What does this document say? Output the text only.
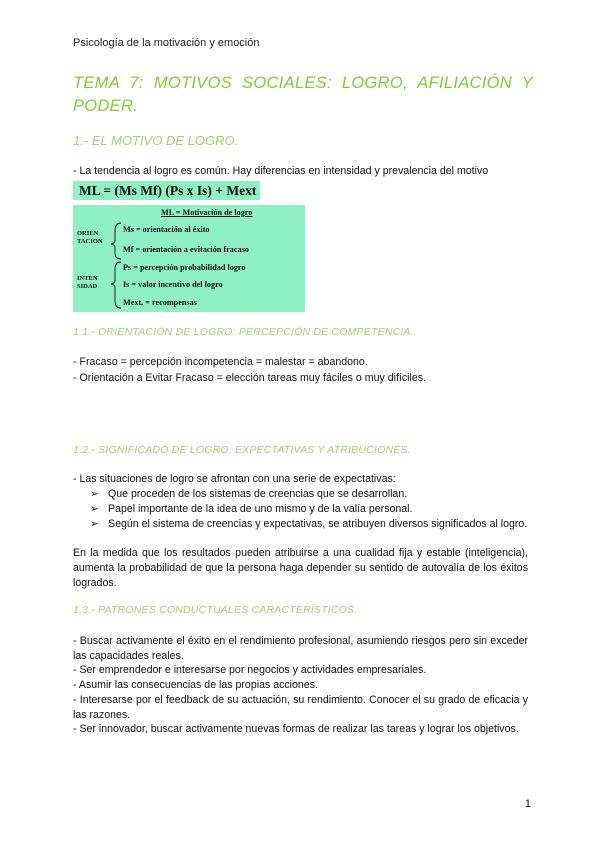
Psicología de la motivación y emoción
TEMA 7: MOTIVOS SOCIALES: LOGRO, AFILIACIÓN Y PODER.
1.- EL MOTIVO DE LOGRO.
- La tendencia al logro es común. Hay diferencias en intensidad y prevalencia del motivo
ML = (Ms Mf) (Ps x Is) + Mext
ML = Motivación de logro
ORIEN
TACION
INTEN
SIDAD
Ms = orientación al éxito
Mf = orientación a evitación fracaso
Ps = percepción probabilidad logro
Is = valor incentivo del logro
Mext. = recompensas
1.1.- ORIENTACIÓN DE LOGRO: PERCEPCIÓN DE COMPETENCIA.
- Fracaso = percepción incompetencia = malestar = abandono.
- Orientación a Evitar Fracaso = elección tareas muy fáciles o muy difíciles.
1.2.- SIGNIFICADO DE LOGRO: EXPECTATIVAS Y ATRIBUCIONES.
- Las situaciones de logro se afrontan con una serie de expectativas:
➢ Que proceden de los sistemas de creencias que se desarrollan.
➢ Papel importante de la idea de uno mismo y de la valía personal.
➢ Según el sistema de creencias y expectativas, se atribuyen diversos significados al logro.
En la medida que los resultados pueden atribuirse a una cualidad fija y estable (inteligencia), aumenta la probabilidad de que la persona haga depender su sentido de autovalía de los éxitos logrados.
1.3.- PATRONES CONDUCTUALES CARACTERÍSTICOS.
- Buscar activamente el éxito en el rendimiento profesional, asumiendo riesgos pero sin exceder las capacidades reales.
- Ser emprendedor e interesarse por negocios y actividades empresariales.
- Asumir las consecuencias de las propias acciones.
- Interesarse por el feedback de su actuación, su rendimiento. Conocer el su grado de eficacia y las razones.
- Ser innovador, buscar activamente nuevas formas de realizar las tareas y lograr los objetivos.
1
